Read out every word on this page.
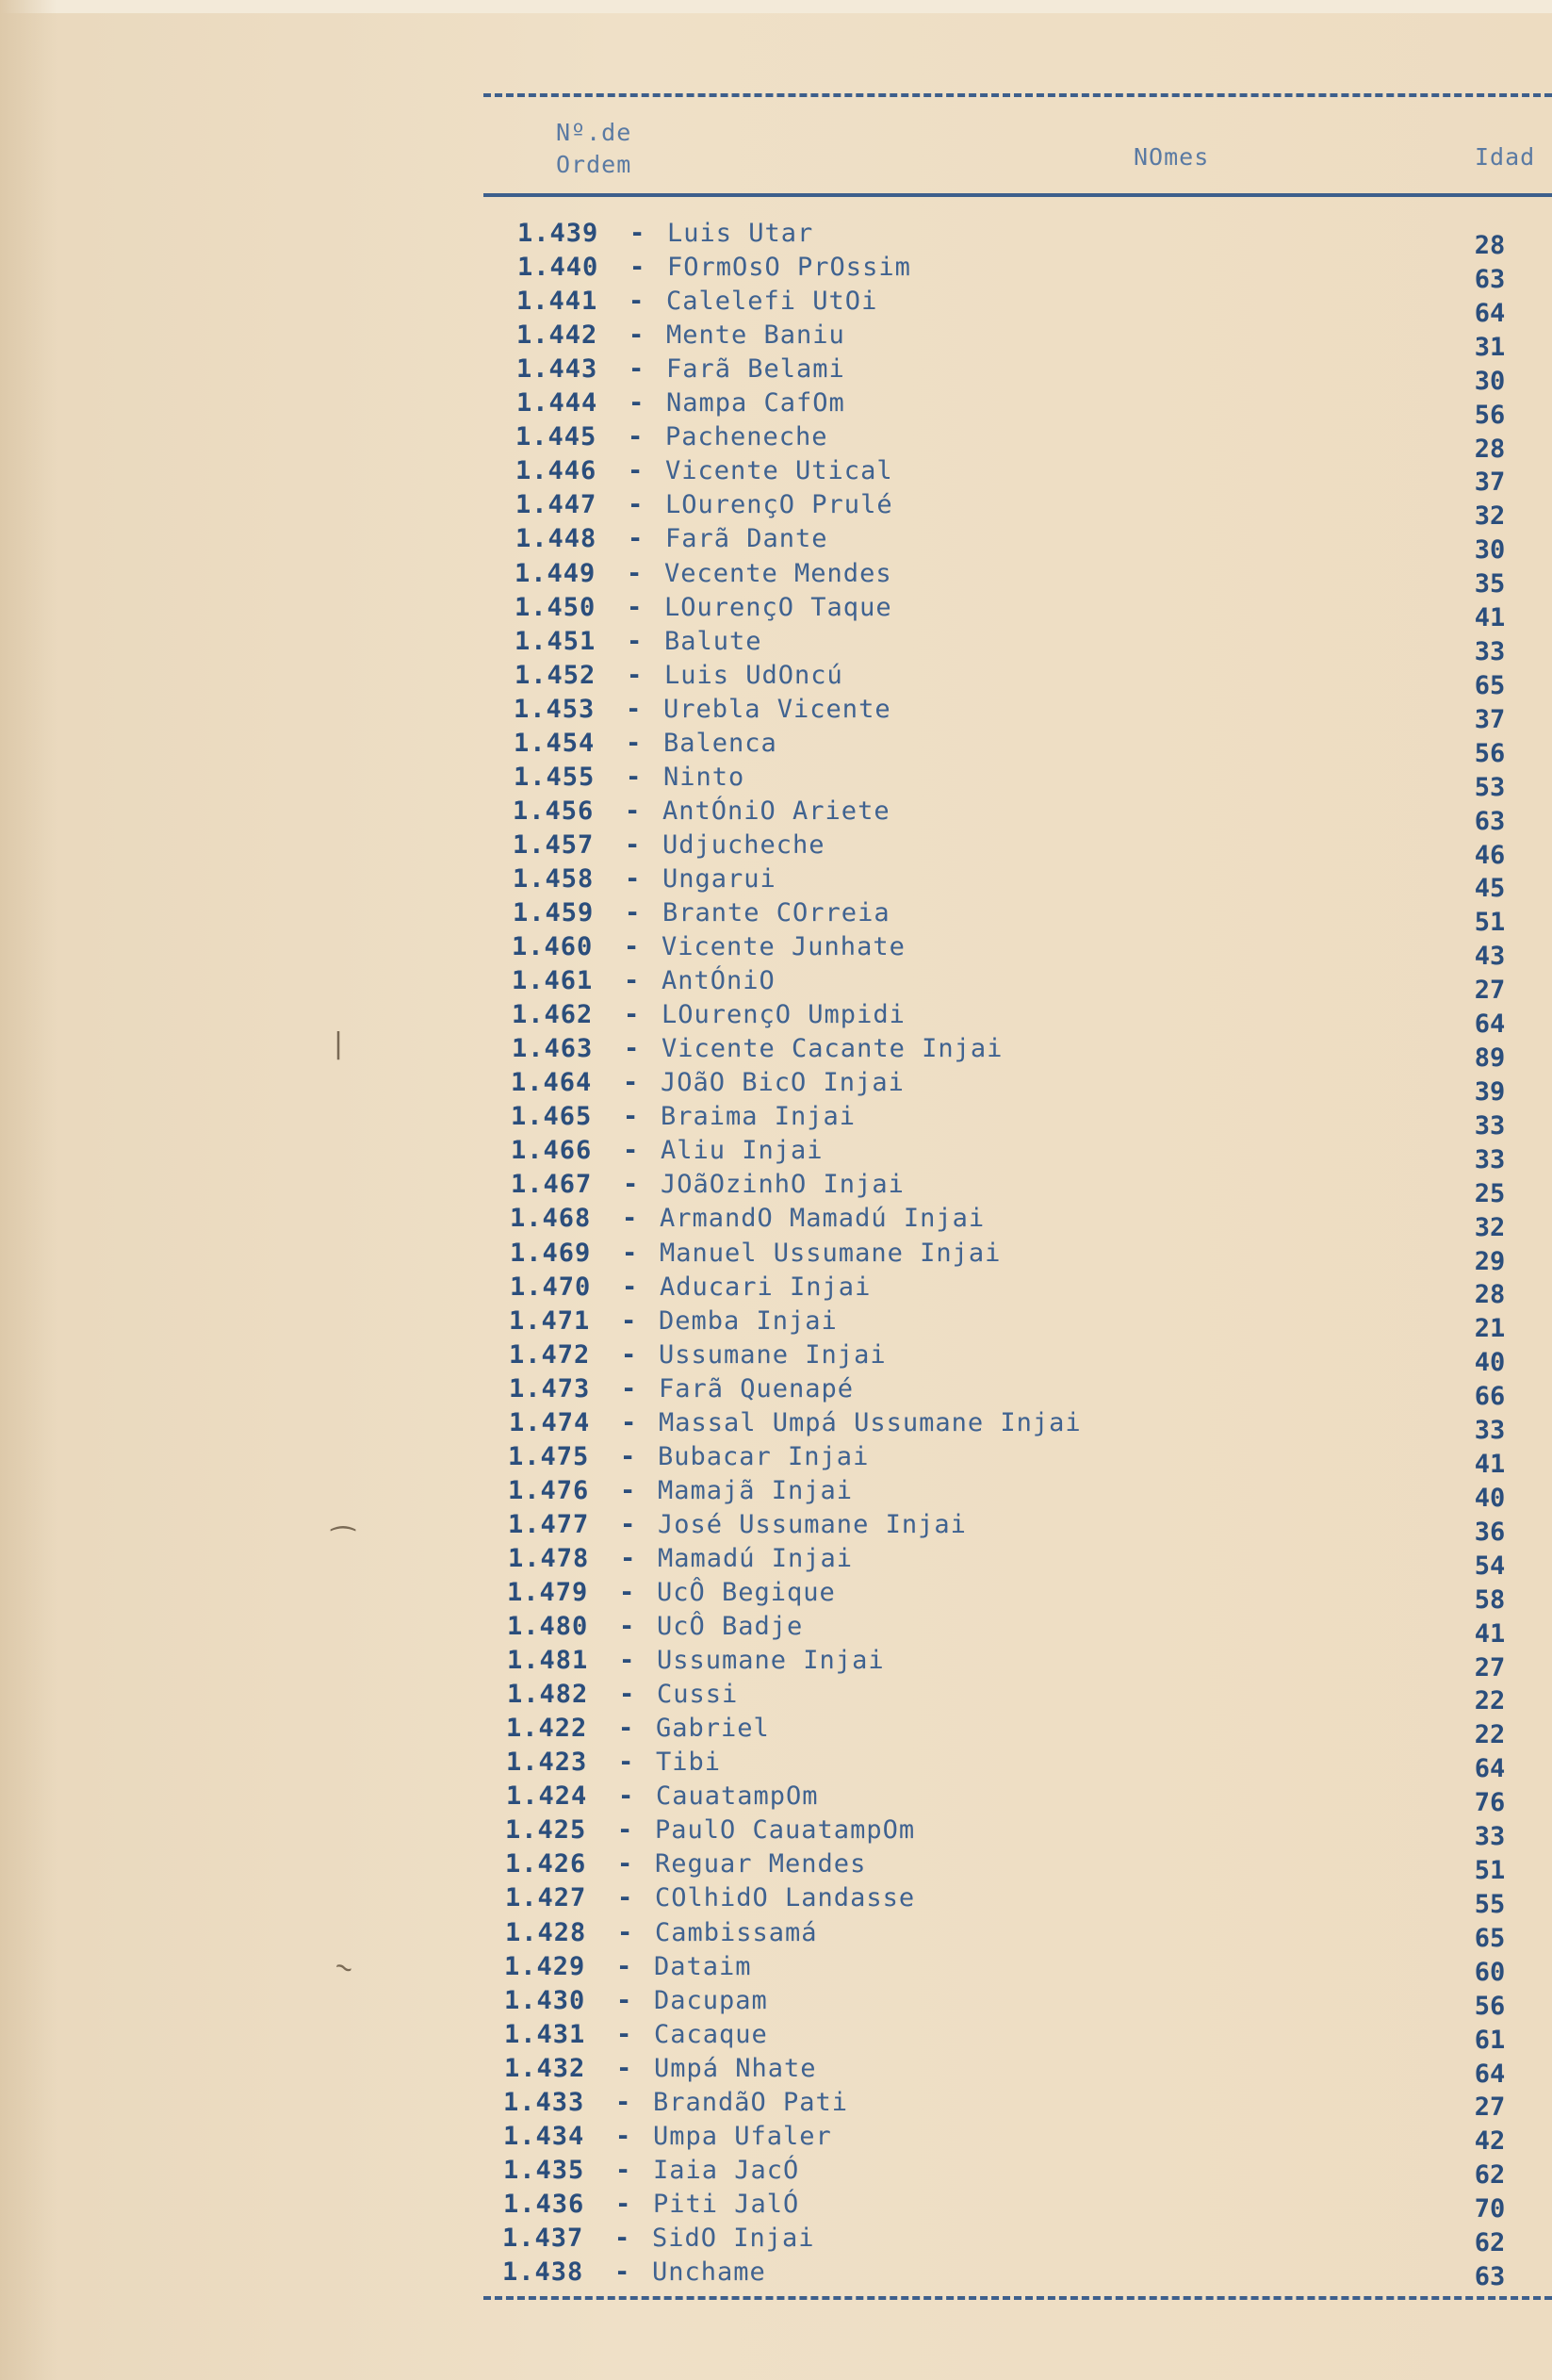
Nº.de Ordem	NOmes	Idad
1.439 - Luis Utar	28
1.440 - FOrmOsO PrOssim	63
1.441 - Calelefi UtOi	64
1.442 - Mente Baniu	31
1.443 - Farã Belami	30
1.444 - Nampa CafOm	56
1.445 - Pacheneche	28
1.446 - Vicente Utical	37
1.447 - LOurençO Prulé	32
1.448 - Farã Dante	30
1.449 - Vecente Mendes	35
1.450 - LOurençO Taque	41
1.451 - Balute	33
1.452 - Luis UdOncú	65
1.453 - Urebla Vicente	37
1.454 - Balenca	56
1.455 - Ninto	53
1.456 - AntÓniO Ariete	63
1.457 - Udjucheche	46
1.458 - Ungarui	45
1.459 - Brante COrreia	51
1.460 - Vicente Junhate	43
1.461 - AntÓniO	27
1.462 - LOurençO Umpidi	64
1.463 - Vicente Cacante Injai	89
1.464 - JOãO BicO Injai	39
1.465 - Braima Injai	33
1.466 - Aliu Injai	33
1.467 - JOãOzinhO Injai	25
1.468 - ArmandO Mamadú Injai	32
1.469 - Manuel Ussumane Injai	29
1.470 - Aducari Injai	28
1.471 - Demba Injai	21
1.472 - Ussumane Injai	40
1.473 - Farã Quenapé	66
1.474 - Massal Umpá Ussumane Injai	33
1.475 - Bubacar Injai	41
1.476 - Mamajã Injai	40
1.477 - José Ussumane Injai	36
1.478 - Mamadú Injai	54
1.479 - UcÔ Begique	58
1.480 - UcÔ Badje	41
1.481 - Ussumane Injai	27
1.482 - Cussi	22
1.422 - Gabriel	22
1.423 - Tibi	64
1.424 - CauatampOm	76
1.425 - PaulO CauatampOm	33
1.426 - Reguar Mendes	51
1.427 - COlhidO Landasse	55
1.428 - Cambissamá	65
1.429 - Dataim	60
1.430 - Dacupam	56
1.431 - Cacaque	61
1.432 - Umpá Nhate	64
1.433 - BrandãO Pati	27
1.434 - Umpa Ufaler	42
1.435 - Iaia JacÓ	62
1.436 - Piti JalÓ	70
1.437 - SidO Injai	62
1.438 - Unchame	63
|
~
⁀
